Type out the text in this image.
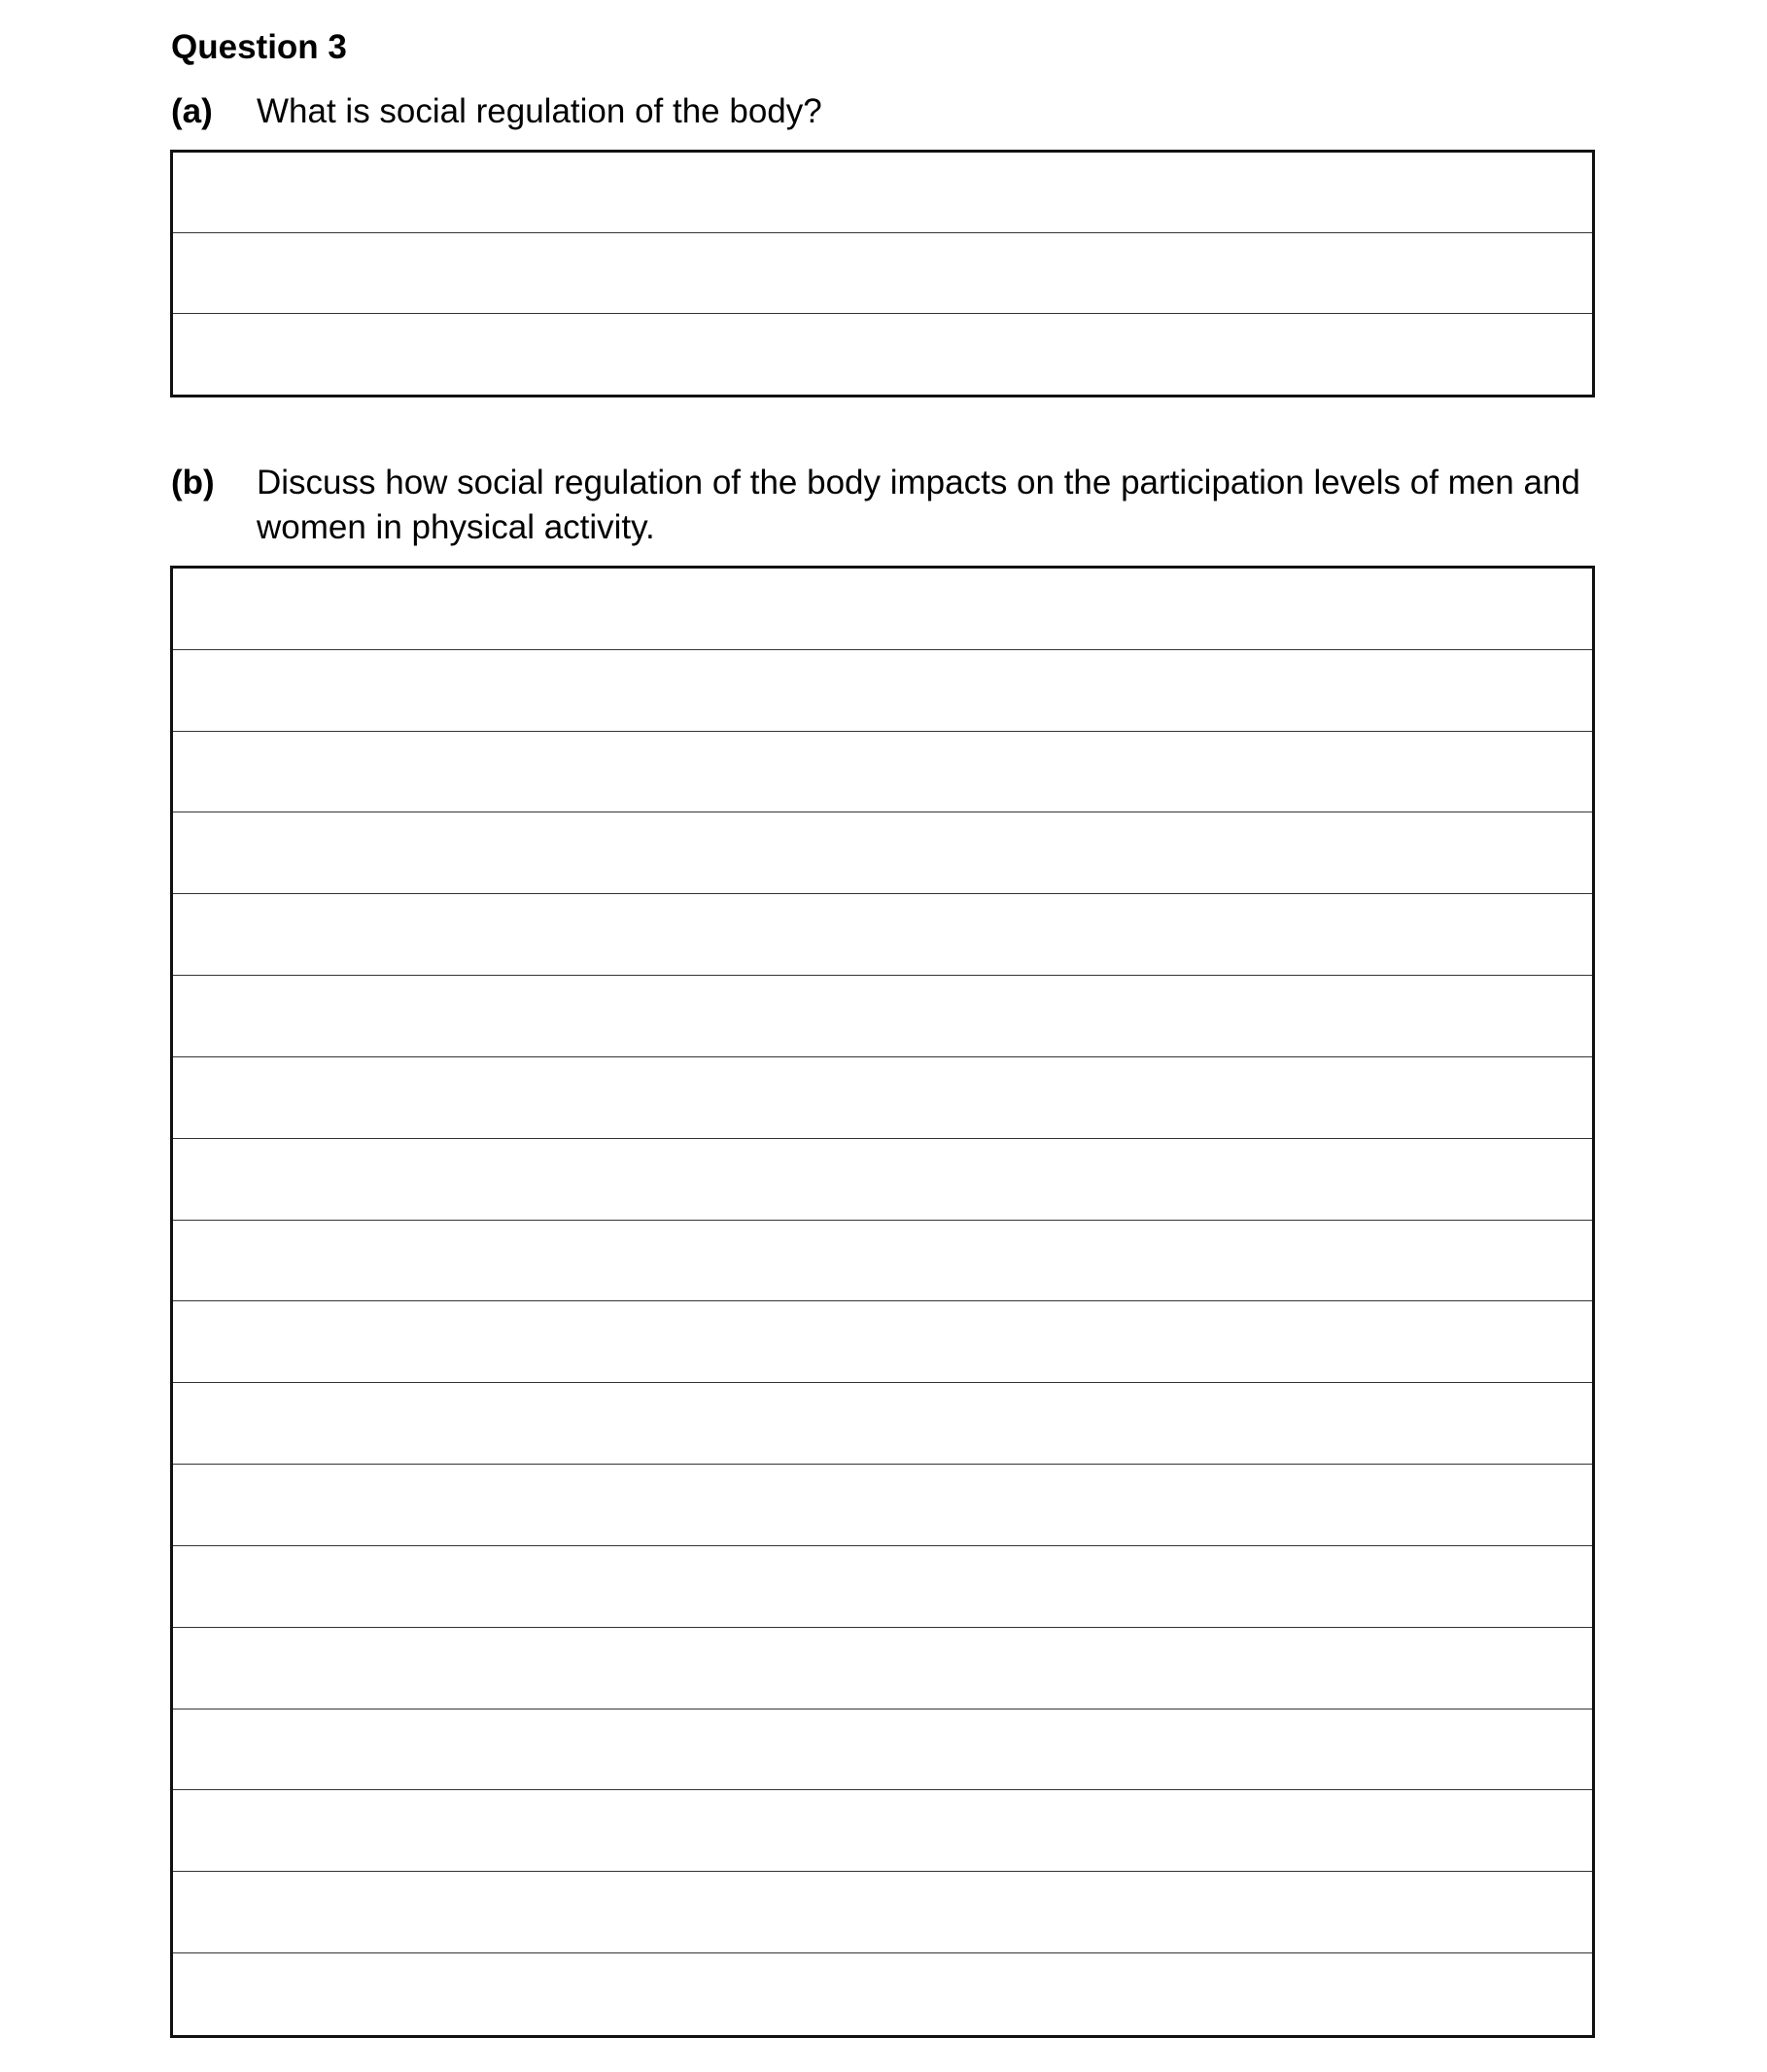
Question 3
(a) What is social regulation of the body?
(b) Discuss how social regulation of the body impacts on the participation levels of men and women in physical activity.
